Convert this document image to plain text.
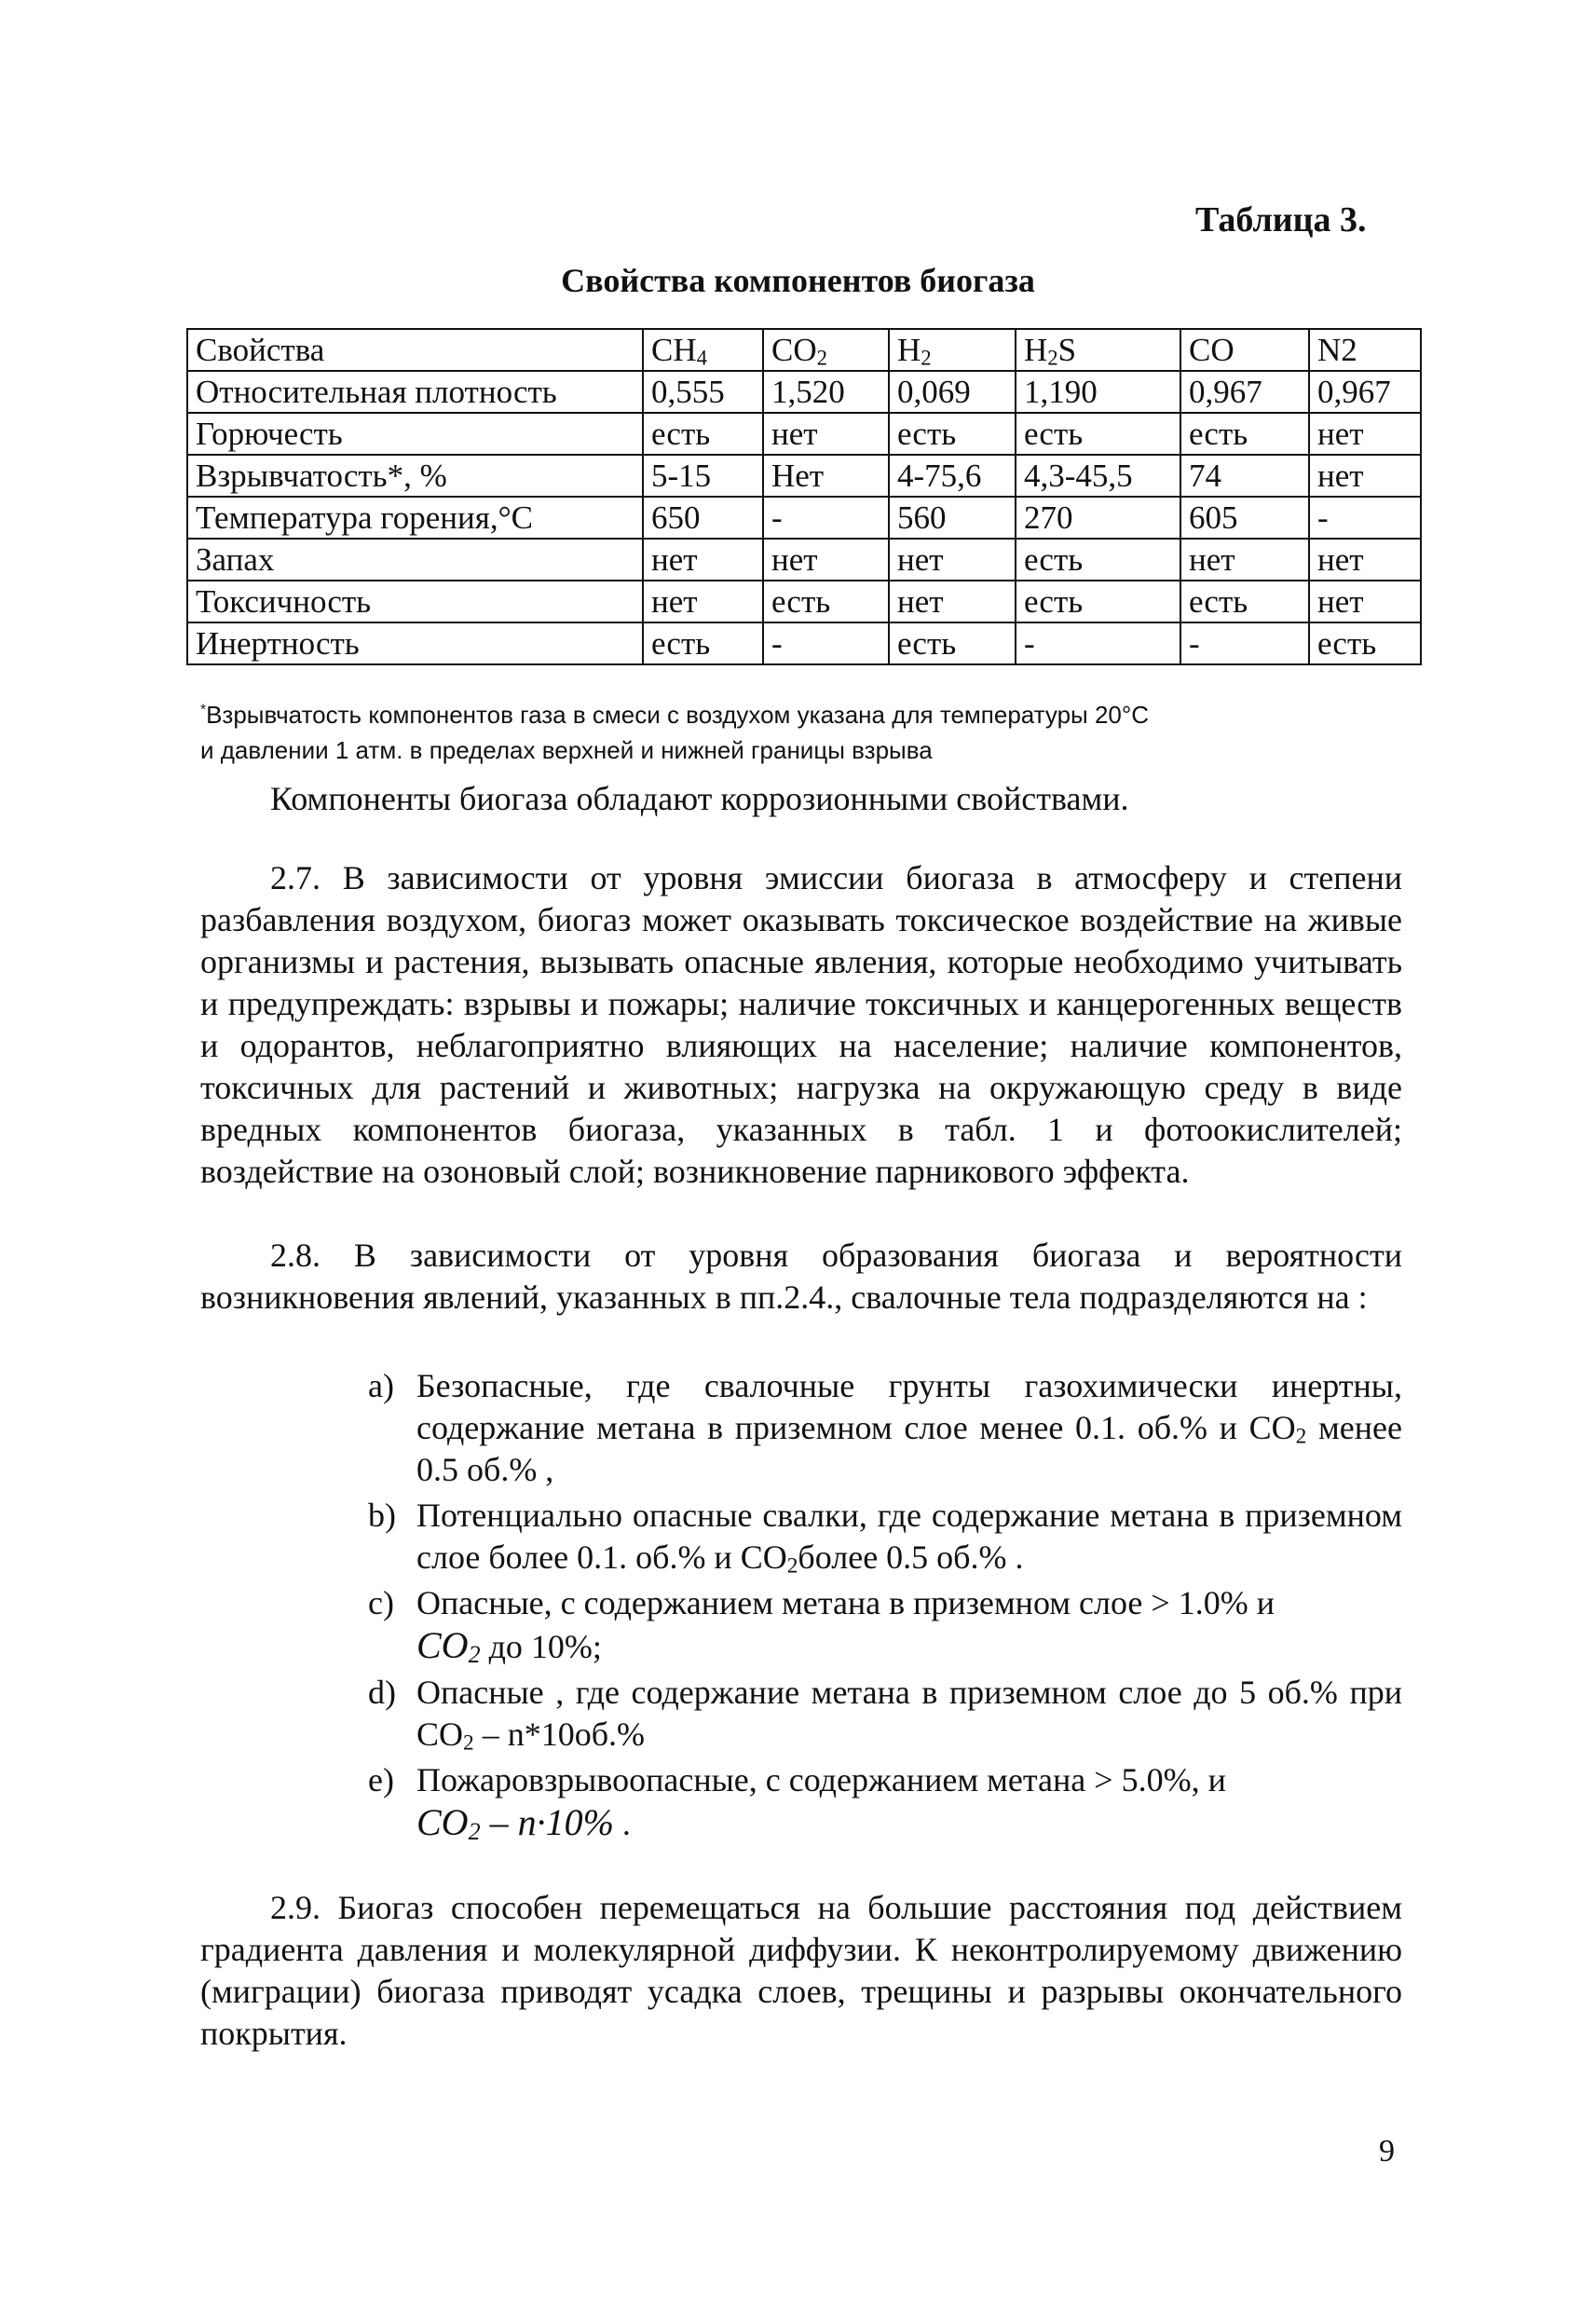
Таблица 3.
Свойства компонентов биогаза
Свойства	$CH_4$	$CO_2$	$H_2$	$H_2S$	CO	N2
Относительная плотность	0,555	1,520	0,069	1,190	0,967	0,967
Горючесть	есть	нет	есть	есть	есть	нет
Взрывчатость*, %	5-15	Нет	4-75,6	4,3-45,5	74	нет
Температура горения,°С	650	-	560	270	605	-
Запах	нет	нет	нет	есть	нет	нет
Токсичность	нет	есть	нет	есть	есть	нет
Инертность	есть	-	есть	-	-	есть
*Взрывчатость компонентов газа в смеси с воздухом указана для температуры 20°С
и давлении 1 атм. в пределах верхней и нижней границы взрыва

Компоненты биогаза обладают коррозионными свойствами.

2.7. В зависимости от уровня эмиссии биогаза в атмосферу и степени разбавления воздухом, биогаз может оказывать токсическое воздействие на живые организмы и растения, вызывать опасные явления, которые необходимо учитывать и предупреждать: взрывы и пожары; наличие токсичных и канцерогенных веществ и одорантов, неблагоприятно влияющих на население; наличие компонентов, токсичных для растений и животных; нагрузка на окружающую среду в виде вредных компонентов биогаза, указанных в табл. 1 и фотоокислителей; воздействие на озоновый слой; возникновение парникового эффекта.

2.8. В зависимости от уровня образования биогаза и вероятности возникновения явлений, указанных в пп.2.4., свалочные тела подразделяются на :

a) Безопасные, где свалочные грунты газохимически инертны, содержание метана в приземном слое менее 0.1. об.% и $CO_2$ менее 0.5 об.% ,

b) Потенциально опасные свалки, где содержание метана в приземном слое более 0.1. об.% и $CO_2более$ 0.5 об.% .

c) Опасные, с содержанием метана в приземном слое > 1.0% и
$CO_2$ до 10%;

d) Опасные , где содержание метана в приземном слое до 5 об.% при $CO_2 - n*10об.\%$

e) Пожаровзрывоопасные, с содержанием метана > 5.0%, и
$CO_2 - n\cdot 10\%$ .

2.9. Биогаз способен перемещаться на большие расстояния под действием градиента давления и молекулярной диффузии. К неконтролируемому движению (миграции) биогаза приводят усадка слоев, трещины и разрывы окончательного покрытия.

9
